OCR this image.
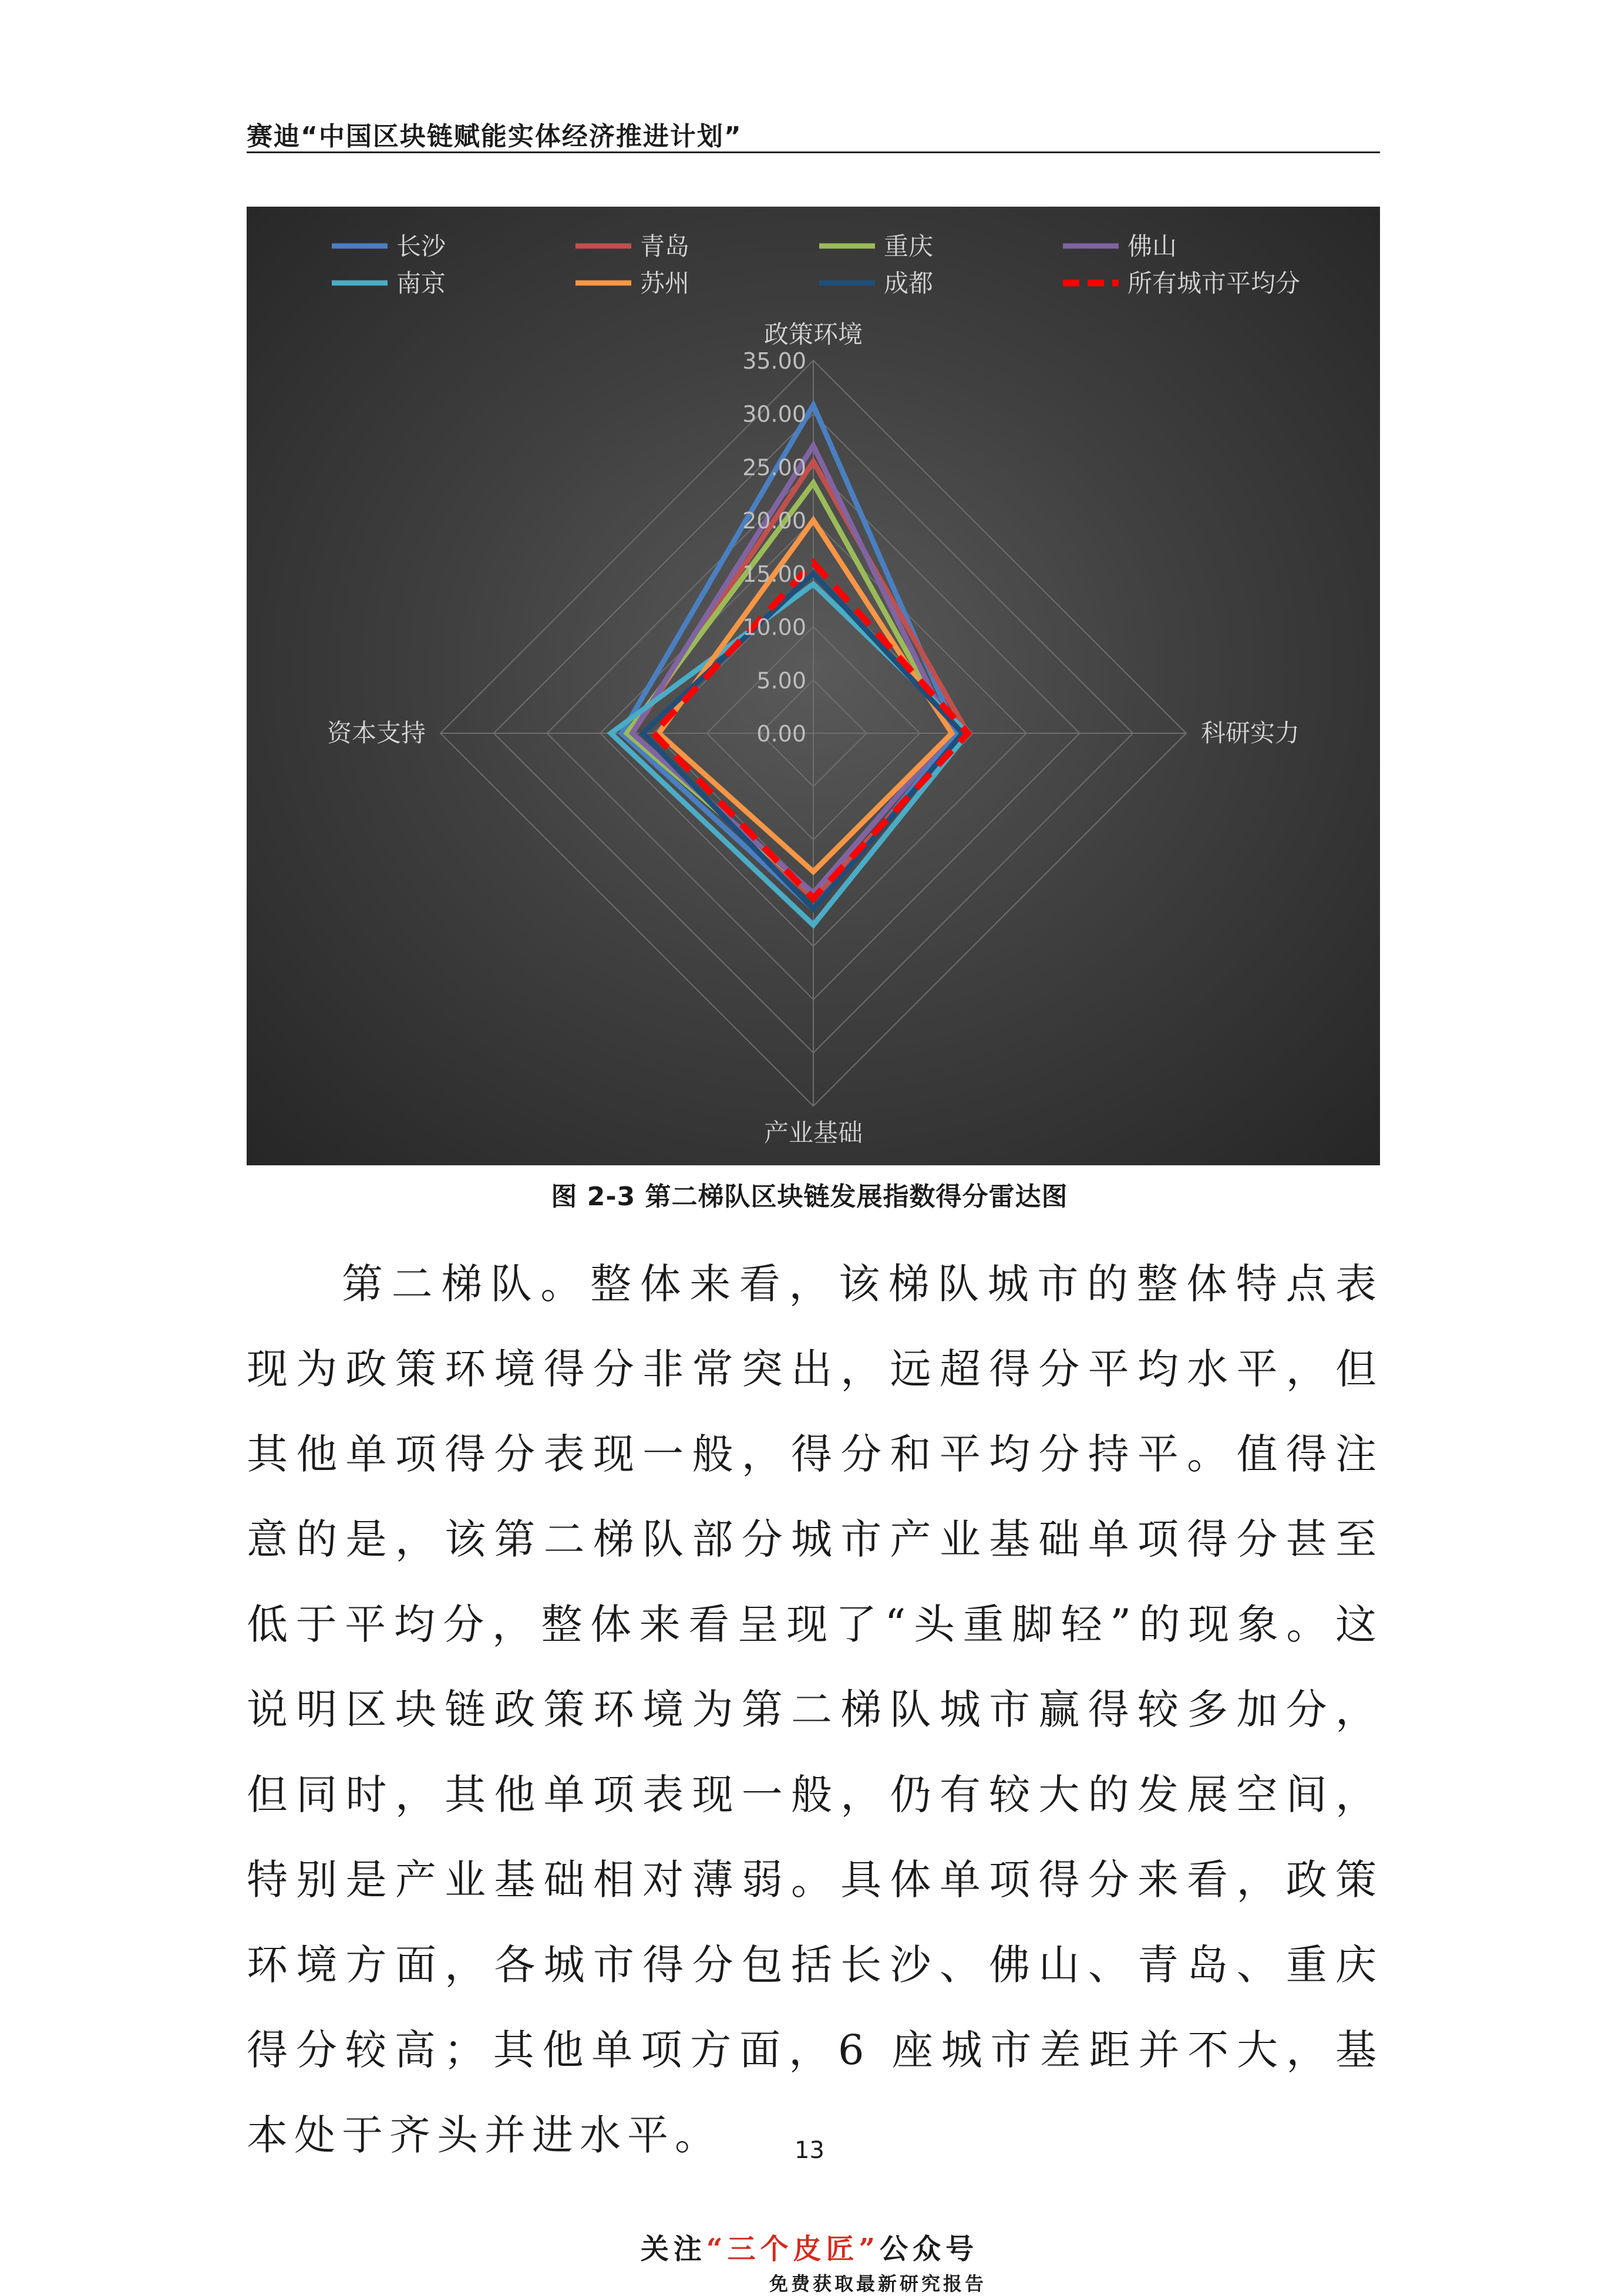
赛迪“中国区块链赋能实体经济推进计划”
0.00
5.00
10.00
15.00
20.00
25.00
30.00
35.00
政策环境
科研实力
产业基础
资本支持
长沙	青岛	重庆	佛山
南京	苏州	成都	所有城市平均分
图 2-3 第二梯队区块链发展指数得分雷达图

第二梯队。整体来看，该梯队城市的整体特点表现为政策环境得分非常突出，远超得分平均水平，但其他单项得分表现一般，得分和平均分持平。值得注意的是，该第二梯队部分城市产业基础单项得分甚至低于平均分，整体来看呈现了“头重脚轻”的现象。这说明区块链政策环境为第二梯队城市赢得较多加分，但同时，其他单项表现一般，仍有较大的发展空间，特别是产业基础相对薄弱。具体单项得分来看，政策环境方面，各城市得分包括长沙、佛山、青岛、重庆得分较高；其他单项方面，6 座城市差距并不大，基本处于齐头并进水平。	13
关注“三个皮匠”公众号
免费获取最新研究报告
